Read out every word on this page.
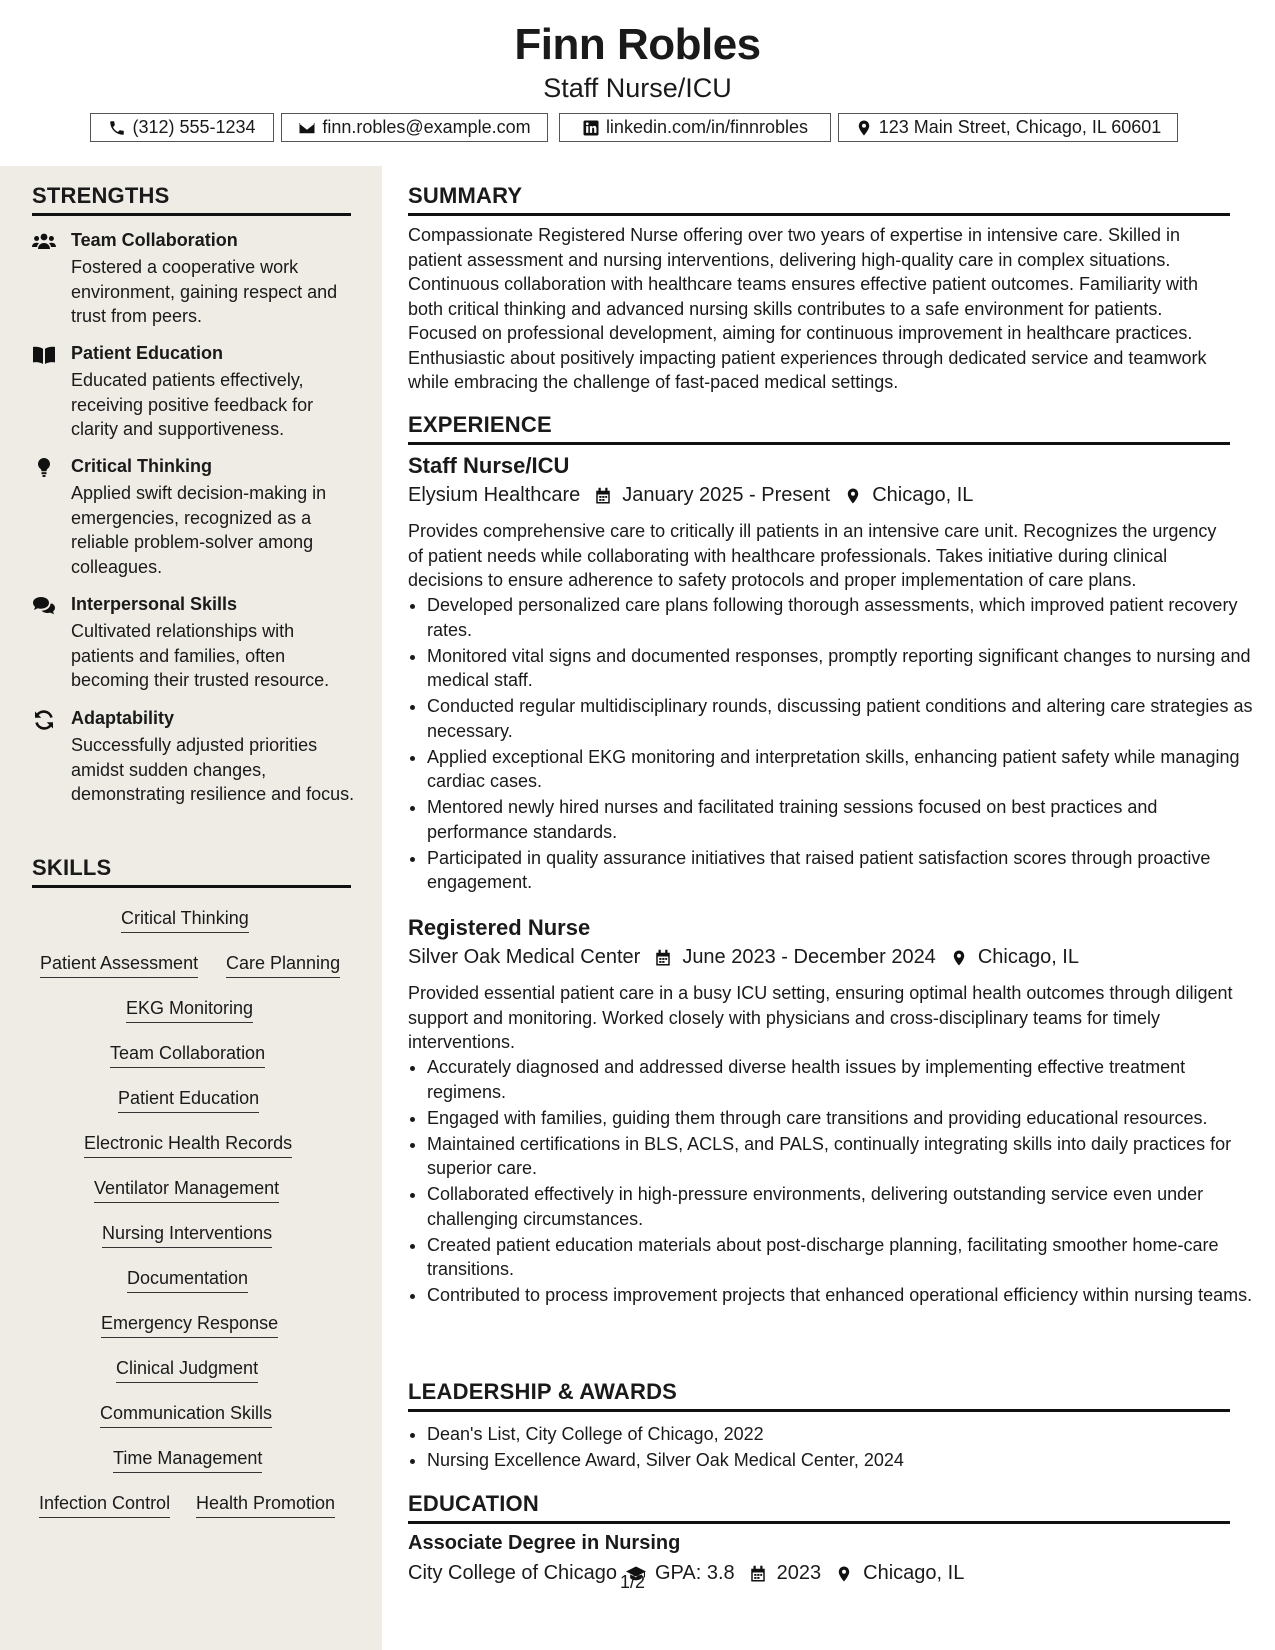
Finn Robles
Staff Nurse/ICU
(312) 555-1234	finn.robles@example.com	linkedin.com/in/finnrobles	123 Main Street, Chicago, IL 60601
STRENGTHS
Team Collaboration
Fostered a cooperative work environment, gaining respect and trust from peers.
Patient Education
Educated patients effectively, receiving positive feedback for clarity and supportiveness.
Critical Thinking
Applied swift decision-making in emergencies, recognized as a reliable problem-solver among colleagues.
Interpersonal Skills
Cultivated relationships with patients and families, often becoming their trusted resource.
Adaptability
Successfully adjusted priorities amidst sudden changes, demonstrating resilience and focus.
SKILLS
Critical Thinking
Patient Assessment Care Planning
EKG Monitoring
Team Collaboration
Patient Education
Electronic Health Records
Ventilator Management
Nursing Interventions
Documentation
Emergency Response
Clinical Judgment
Communication Skills
Time Management
Infection Control Health Promotion
SUMMARY
Compassionate Registered Nurse offering over two years of expertise in intensive care. Skilled in patient assessment and nursing interventions, delivering high-quality care in complex situations. Continuous collaboration with healthcare teams ensures effective patient outcomes. Familiarity with both critical thinking and advanced nursing skills contributes to a safe environment for patients. Focused on professional development, aiming for continuous improvement in healthcare practices. Enthusiastic about positively impacting patient experiences through dedicated service and teamwork while embracing the challenge of fast-paced medical settings.
EXPERIENCE
Staff Nurse/ICU
Elysium Healthcare January 2025 - Present Chicago, IL
Provides comprehensive care to critically ill patients in an intensive care unit. Recognizes the urgency of patient needs while collaborating with healthcare professionals. Takes initiative during clinical decisions to ensure adherence to safety protocols and proper implementation of care plans.
• Developed personalized care plans following thorough assessments, which improved patient recovery rates.
• Monitored vital signs and documented responses, promptly reporting significant changes to nursing and medical staff.
• Conducted regular multidisciplinary rounds, discussing patient conditions and altering care strategies as necessary.
• Applied exceptional EKG monitoring and interpretation skills, enhancing patient safety while managing cardiac cases.
• Mentored newly hired nurses and facilitated training sessions focused on best practices and performance standards.
• Participated in quality assurance initiatives that raised patient satisfaction scores through proactive engagement.
Registered Nurse
Silver Oak Medical Center June 2023 - December 2024 Chicago, IL
Provided essential patient care in a busy ICU setting, ensuring optimal health outcomes through diligent support and monitoring. Worked closely with physicians and cross-disciplinary teams for timely interventions.
• Accurately diagnosed and addressed diverse health issues by implementing effective treatment regimens.
• Engaged with families, guiding them through care transitions and providing educational resources.
• Maintained certifications in BLS, ACLS, and PALS, continually integrating skills into daily practices for superior care.
• Collaborated effectively in high-pressure environments, delivering outstanding service even under challenging circumstances.
• Created patient education materials about post-discharge planning, facilitating smoother home-care transitions.
• Contributed to process improvement projects that enhanced operational efficiency within nursing teams.
LEADERSHIP & AWARDS
• Dean's List, City College of Chicago, 2022
• Nursing Excellence Award, Silver Oak Medical Center, 2024
EDUCATION
Associate Degree in Nursing
City College of Chicago GPA: 3.8 2023 Chicago, IL
1/2
